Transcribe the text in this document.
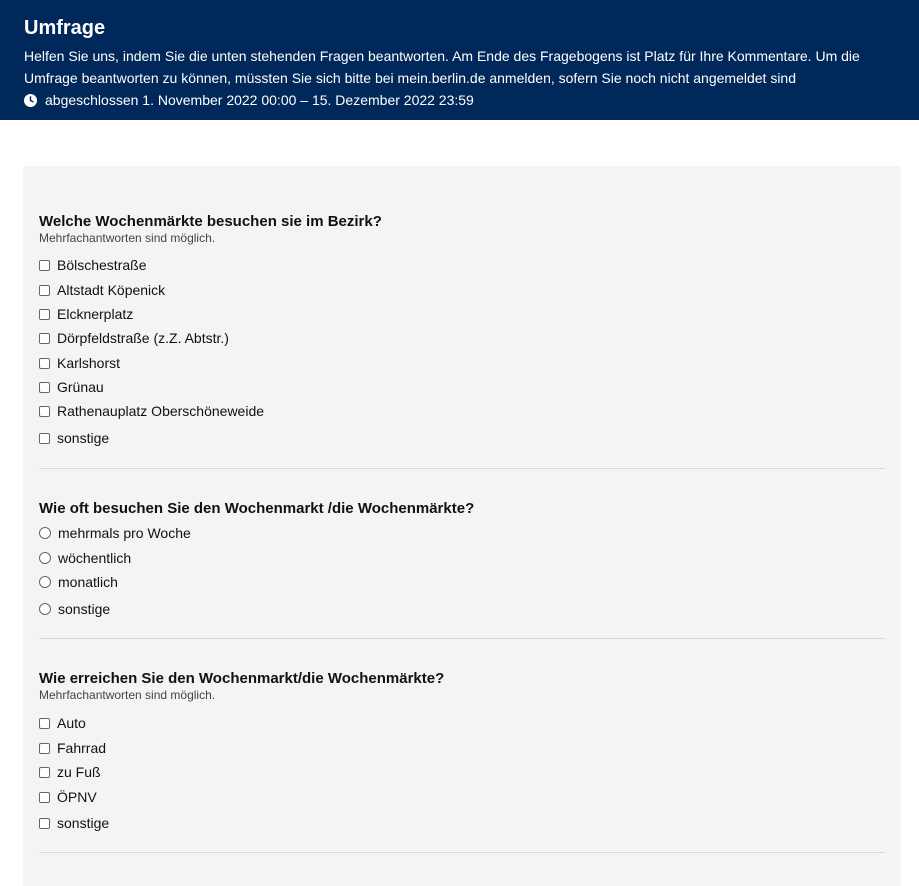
Umfrage

Helfen Sie uns, indem Sie die unten stehenden Fragen beantworten. Am Ende des Fragebogens ist Platz für Ihre Kommentare. Um die Umfrage beantworten zu können, müssten Sie sich bitte bei mein.berlin.de anmelden, sofern Sie noch nicht angemeldet sind

abgeschlossen 1. November 2022 00:00 – 15. Dezember 2022 23:59
Welche Wochenmärkte besuchen sie im Bezirk?
Mehrfachantworten sind möglich.
Bölschestraße
Altstadt Köpenick
Elcknerplatz
Dörpfeldstraße (z.Z. Abtstr.)
Karlshorst
Grünau
Rathenauplatz Oberschöneweide
sonstige
Wie oft besuchen Sie den Wochenmarkt /die Wochenmärkte?
mehrmals pro Woche
wöchentlich
monatlich
sonstige
Wie erreichen Sie den Wochenmarkt/die Wochenmärkte?
Mehrfachantworten sind möglich.
Auto
Fahrrad
zu Fuß
ÖPNV
sonstige
